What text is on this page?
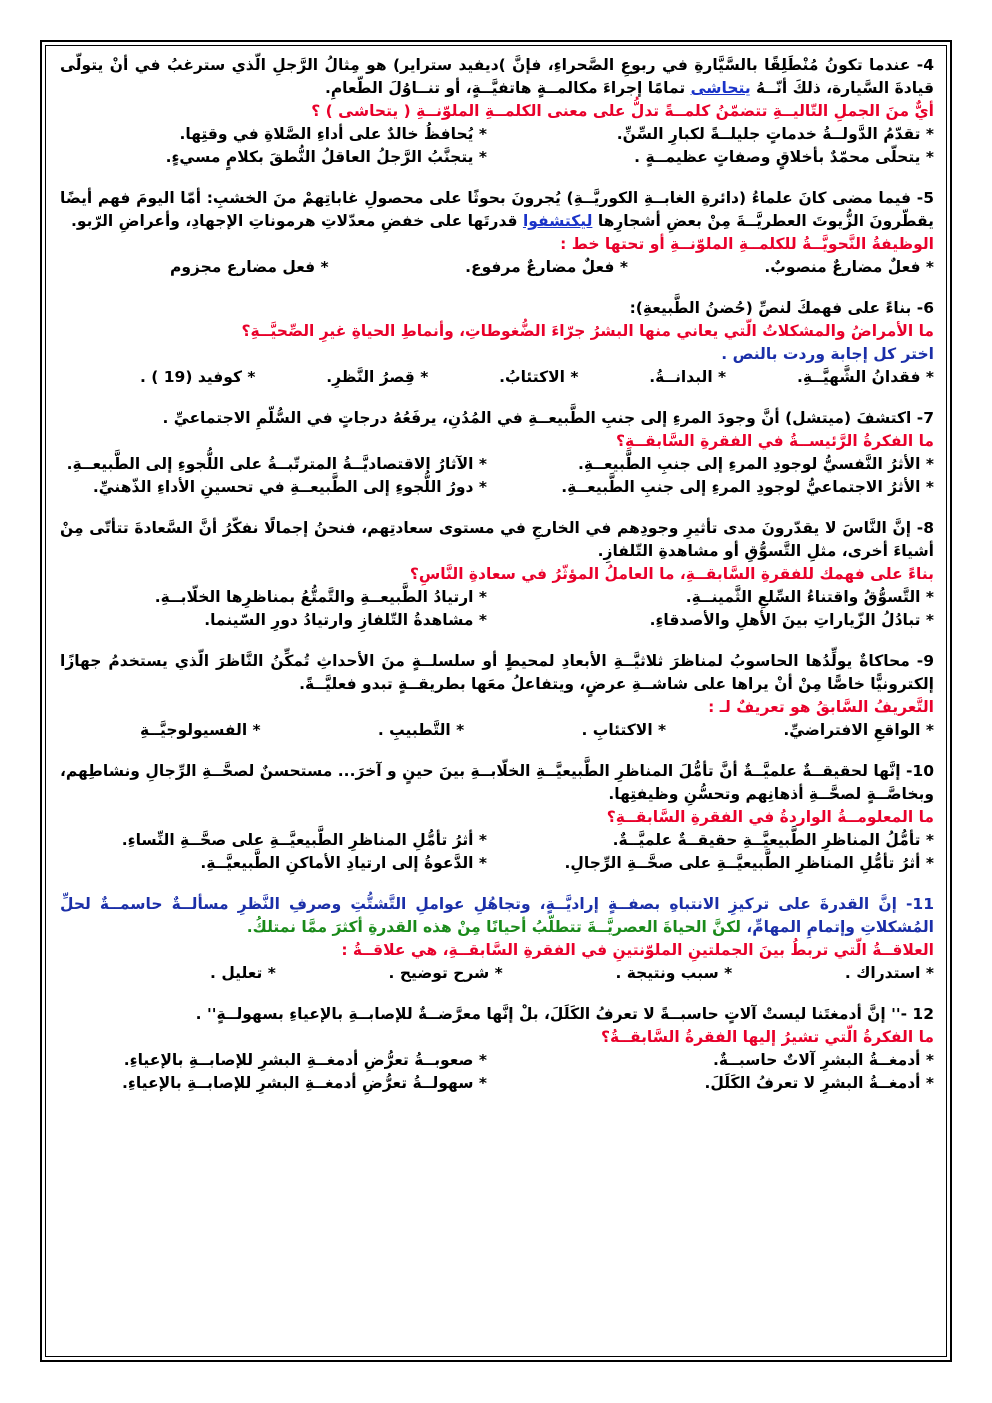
4- عندما تكونُ مُنْطَلِقًا بالسَّيَّارةِ في ربوعِ الصَّحراءِ، فإنَّ )ديفيد ستراير) هو مِثالُ الرَّجلِ الّذي سترغبُ في أنْ يتولّى قيادةَ السَّيارة، ذلكَ أنّــهُ يتحاشى تمامًا إجراءَ مكالمــةٍ هاتفيَّــةٍ، أو تنــاوُلَ الطّعامِ.
أيٌّ منَ الجملِ التّاليــةِ تتضمّنُ كلمــةً تدلُّ على معنى الكلمــةِ الملوّنــةِ ( يتحاشى ) ؟
* تقدّمُ الدَّولــةُ خدماتٍ جليلــةً لكبارِ السِّنِّ.
* يُحافظُ خالدٌ على أداءِ الصَّلاةِ في وقتِها.
* يتحلّى محمّدٌ بأخلاقٍ وصفاتٍ عظيمــةٍ .
* يتجنَّبُ الرَّجلُ العاقلُ النُّطقَ بكلامٍ مسيءٍ.
5- فيما مضى كانَ علماءُ (دائرةِ الغابــةِ الكوريَّــةِ) يُجرونَ بحوثًا على محصولِ غاباتِهمْ منَ الخشبِ: أمّا اليومَ فهم أيضًا يقطّرونَ الزُّيوتَ العطريَّــةَ مِنْ بعضِ أشجارِها ليكتشفوا قدرتَها على خفضِ معدّلاتِ هرموناتِ الإجهادِ، وأعراضِ الرّبو.
الوظيفةُ النَّحويَّــةُ للكلمــةِ الملوّنــةِ أو تحتها خط :
* فعلٌ مضارعٌ منصوبٌ.
* فعلٌ مضارعٌ مرفوع.
* فعل مضارع مجزوم
6- بناءً على فهمكَ لنصِّ (حُضنُ الطَّبيعةِ):
ما الأمراضُ والمشكلاتُ الّتي يعاني منها البشرُ جرّاءَ الضُّغوطاتِ، وأنماطِ الحياةِ غيرِ الصِّحيَّــةِ؟
اختر كل إجابة وردت بالنص .
* فقدانُ الشَّهيَّــةِ.
* البدانــةُ.
* الاكتئابُ.
* قِصرُ النَّظرِ.
* كوفيد (19 ) .
7- اكتشفَ (ميتشل) أنَّ وجودَ المرءِ إلى جنبِ الطَّبيعــةِ في المُدُنِ، يرفَعُهُ درجاتٍ في السُّلّمِ الاجتماعيِّ .
ما الفكرةُ الرَّئيســةُ في الفقرةِ السَّابقــةِ؟
* الأثرُ النَّفسيُّ لوجودِ المرءِ إلى جنبِ الطَّبيعــةِ.
* الآثارُ الاقتصاديَّــةُ المترتّبــةُ على اللُّجوءِ إلى الطَّبيعــةِ.
* الأثرُ الاجتماعيُّ لوجودِ المرءِ إلى جنبِ الطَّبيعــةِ.
* دورُ اللُّجوءِ إلى الطَّبيعــةِ في تحسينِ الأداءِ الذّهنيِّ.
8- إنَّ النَّاسَ لا يقدّرونَ مدى تأثيرِ وجودِهم في الخارجِ في مستوى سعادتِهم، فنحنُ إجمالًا نفكّرُ أنَّ السَّعادةَ تتأتّى مِنْ أشياءَ أخرى، مثلِ التَّسوُّقِ أو مشاهدةِ التّلفازِ.
بناءً على فهمك للفقرةِ السَّابقــةِ، ما العاملُ المؤثّرُ في سعادةِ النَّاسِ؟
* التَّسوُّقُ واقتناءُ السِّلعِ الثَّمينــةِ.
* ارتيادُ الطَّبيعــةِ والتَّمتُّعُ بمناظرِها الخلّابــةِ.
* تبادُلُ الزّياراتِ بينَ الأهلِ والأصدقاءِ.
* مشاهدةُ التّلفازِ وارتيادُ دورِ السّينما.
9- محاكاةٌ يولِّدُها الحاسوبُ لمناظرَ ثلاثيَّــةِ الأبعادِ لمحيطٍ أو سلسلــةٍ منَ الأحداثِ تُمكِّنُ النَّاظرَ الّذي يستخدمُ جهازًا إلكترونيًّا خاصًّا مِنْ أنْ يراها على شاشــةِ عرضٍ، ويتفاعلُ معَها بطريقــةٍ تبدو فعليَّــةً.
التَّعريفُ السَّابقُ هو تعريفٌ لـ :
* الواقعِ الافتراضيِّ.
* الاكتئابِ .
* التَّطبيبِ .
* الفسيولوجيَّــةِ
10- إنَّها لحقيقــةٌ علميَّــةٌ أنَّ تأمُّلَ المناظرِ الطَّبيعيَّــةِ الخلّابــةِ بينَ حينٍ و آخرَ... مستحسنٌ لصحَّــةِ الرِّجالِ ونشاطِهم، وبخاصَّــةٍ لصحَّــةِ أذهانِهم وتحسُّنِ وظيفتِها.
ما المعلومــةُ الواردةُ في الفقرةِ السَّابقــةِ؟
* تأمُّلُ المناظرِ الطَّبيعيَّــةِ حقيقــةٌ علميَّــةٌ.
* أثرُ تأمُّلِ المناظرِ الطَّبيعيَّــةِ على صحَّــةِ النِّساءِ.
* أثرُ تأمُّلِ المناظرِ الطَّبيعيَّــةِ على صحَّــةِ الرِّجالِ.
* الدَّعوةُ إلى ارتيادِ الأماكنِ الطَّبيعيَّــةِ.
11- إنَّ القدرةَ على تركيزِ الانتباهِ بصفــةٍ إراديَّــةٍ، وتجاهُلِ عواملِ التَّشتُّتِ وصرفِ النَّظرِ مسألــةٌ حاسمــةٌ لحلِّ المُشكلاتِ وإتمامِ المهامِّ، لكنَّ الحياةَ العصريَّــةَ تتطلّبُ أحيانًا مِنْ هذه القدرةِ أكثرَ ممَّا نمتلكُ.
العلاقــةُ الّتي تربطُ بينَ الجملتينِ الملوّنتينِ في الفقرةِ السَّابقــةِ، هي علاقــةُ :
* استدراك .
* سبب ونتيجة .
* شرح توضيح .
* تعليل .
12 -'' إنَّ أدمغتَنا ليستْ آلاتٍ حاسبــةً لا تعرفُ الكَلَلَ، بلْ إنَّها معرَّضــةٌ للإصابــةِ بالإعياءِ بسهولــةٍ'' .
ما الفكرةُ الّتي تشيرُ إليها الفقرةُ السَّابقــةُ؟
* أدمغــةُ البشرِ آلاتٌ حاسبــةٌ.
* صعوبــةُ تعرُّضِ أدمغــةِ البشرِ للإصابــةِ بالإعياءِ.
* أدمغــةُ البشرِ لا تعرفُ الكَلَلَ.
* سهولــةُ تعرُّضِ أدمغــةِ البشرِ للإصابــةِ بالإعياءِ.
